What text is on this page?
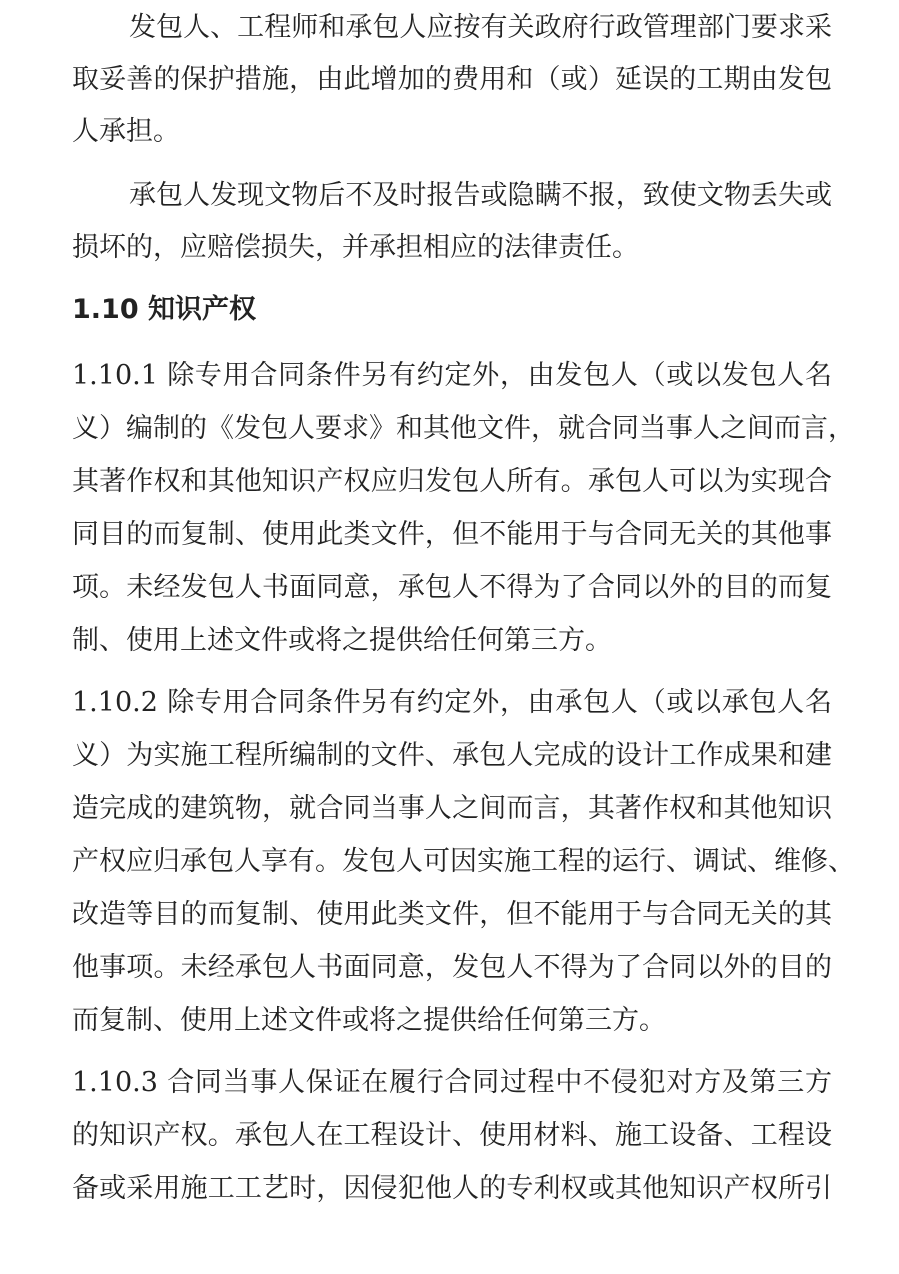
发包人、工程师和承包人应按有关政府行政管理部门要求采
取妥善的保护措施，由此增加的费用和（或）延误的工期由发包
人承担。
承包人发现文物后不及时报告或隐瞒不报，致使文物丢失或
损坏的，应赔偿损失，并承担相应的法律责任。
1.10 知识产权
1.10.1 除专用合同条件另有约定外，由发包人（或以发包人名
义）编制的《发包人要求》和其他文件，就合同当事人之间而言，
其著作权和其他知识产权应归发包人所有。承包人可以为实现合
同目的而复制、使用此类文件，但不能用于与合同无关的其他事
项。未经发包人书面同意，承包人不得为了合同以外的目的而复
制、使用上述文件或将之提供给任何第三方。
1.10.2 除专用合同条件另有约定外，由承包人（或以承包人名
义）为实施工程所编制的文件、承包人完成的设计工作成果和建
造完成的建筑物，就合同当事人之间而言，其著作权和其他知识
产权应归承包人享有。发包人可因实施工程的运行、调试、维修、
改造等目的而复制、使用此类文件，但不能用于与合同无关的其
他事项。未经承包人书面同意，发包人不得为了合同以外的目的
而复制、使用上述文件或将之提供给任何第三方。
1.10.3 合同当事人保证在履行合同过程中不侵犯对方及第三方
的知识产权。承包人在工程设计、使用材料、施工设备、工程设
备或采用施工工艺时，因侵犯他人的专利权或其他知识产权所引
